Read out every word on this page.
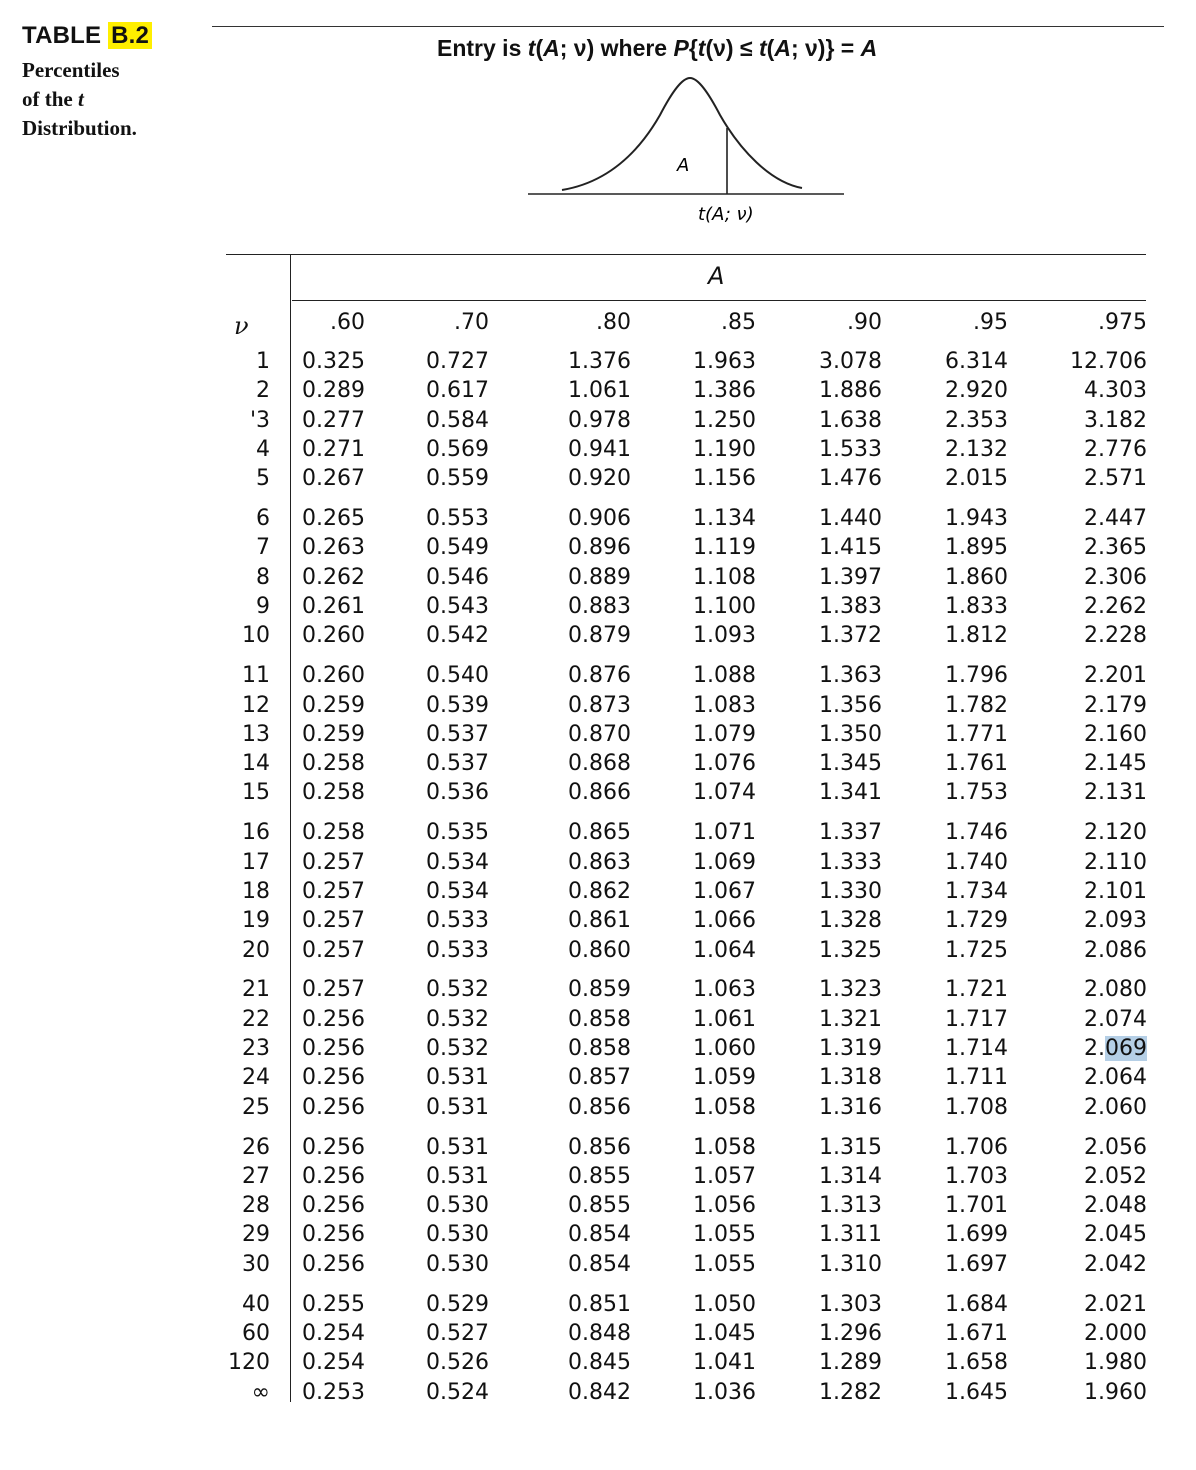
TABLE B.2
Percentiles
of the t
Distribution.
Entry is t(A; ν) where P{t(ν) ≤ t(A; ν)} = A
A
t(A; ν)
A
ν	.60	.70	.80	.85	.90	.95	.975
1	0.325	0.727	1.376	1.963	3.078	6.314	12.706
2	0.289	0.617	1.061	1.386	1.886	2.920	4.303
'3	0.277	0.584	0.978	1.250	1.638	2.353	3.182
4	0.271	0.569	0.941	1.190	1.533	2.132	2.776
5	0.267	0.559	0.920	1.156	1.476	2.015	2.571
6	0.265	0.553	0.906	1.134	1.440	1.943	2.447
7	0.263	0.549	0.896	1.119	1.415	1.895	2.365
8	0.262	0.546	0.889	1.108	1.397	1.860	2.306
9	0.261	0.543	0.883	1.100	1.383	1.833	2.262
10	0.260	0.542	0.879	1.093	1.372	1.812	2.228
11	0.260	0.540	0.876	1.088	1.363	1.796	2.201
12	0.259	0.539	0.873	1.083	1.356	1.782	2.179
13	0.259	0.537	0.870	1.079	1.350	1.771	2.160
14	0.258	0.537	0.868	1.076	1.345	1.761	2.145
15	0.258	0.536	0.866	1.074	1.341	1.753	2.131
16	0.258	0.535	0.865	1.071	1.337	1.746	2.120
17	0.257	0.534	0.863	1.069	1.333	1.740	2.110
18	0.257	0.534	0.862	1.067	1.330	1.734	2.101
19	0.257	0.533	0.861	1.066	1.328	1.729	2.093
20	0.257	0.533	0.860	1.064	1.325	1.725	2.086
21	0.257	0.532	0.859	1.063	1.323	1.721	2.080
22	0.256	0.532	0.858	1.061	1.321	1.717	2.074
23	0.256	0.532	0.858	1.060	1.319	1.714	2.069
24	0.256	0.531	0.857	1.059	1.318	1.711	2.064
25	0.256	0.531	0.856	1.058	1.316	1.708	2.060
26	0.256	0.531	0.856	1.058	1.315	1.706	2.056
27	0.256	0.531	0.855	1.057	1.314	1.703	2.052
28	0.256	0.530	0.855	1.056	1.313	1.701	2.048
29	0.256	0.530	0.854	1.055	1.311	1.699	2.045
30	0.256	0.530	0.854	1.055	1.310	1.697	2.042
40	0.255	0.529	0.851	1.050	1.303	1.684	2.021
60	0.254	0.527	0.848	1.045	1.296	1.671	2.000
120	0.254	0.526	0.845	1.041	1.289	1.658	1.980
∞	0.253	0.524	0.842	1.036	1.282	1.645	1.960
